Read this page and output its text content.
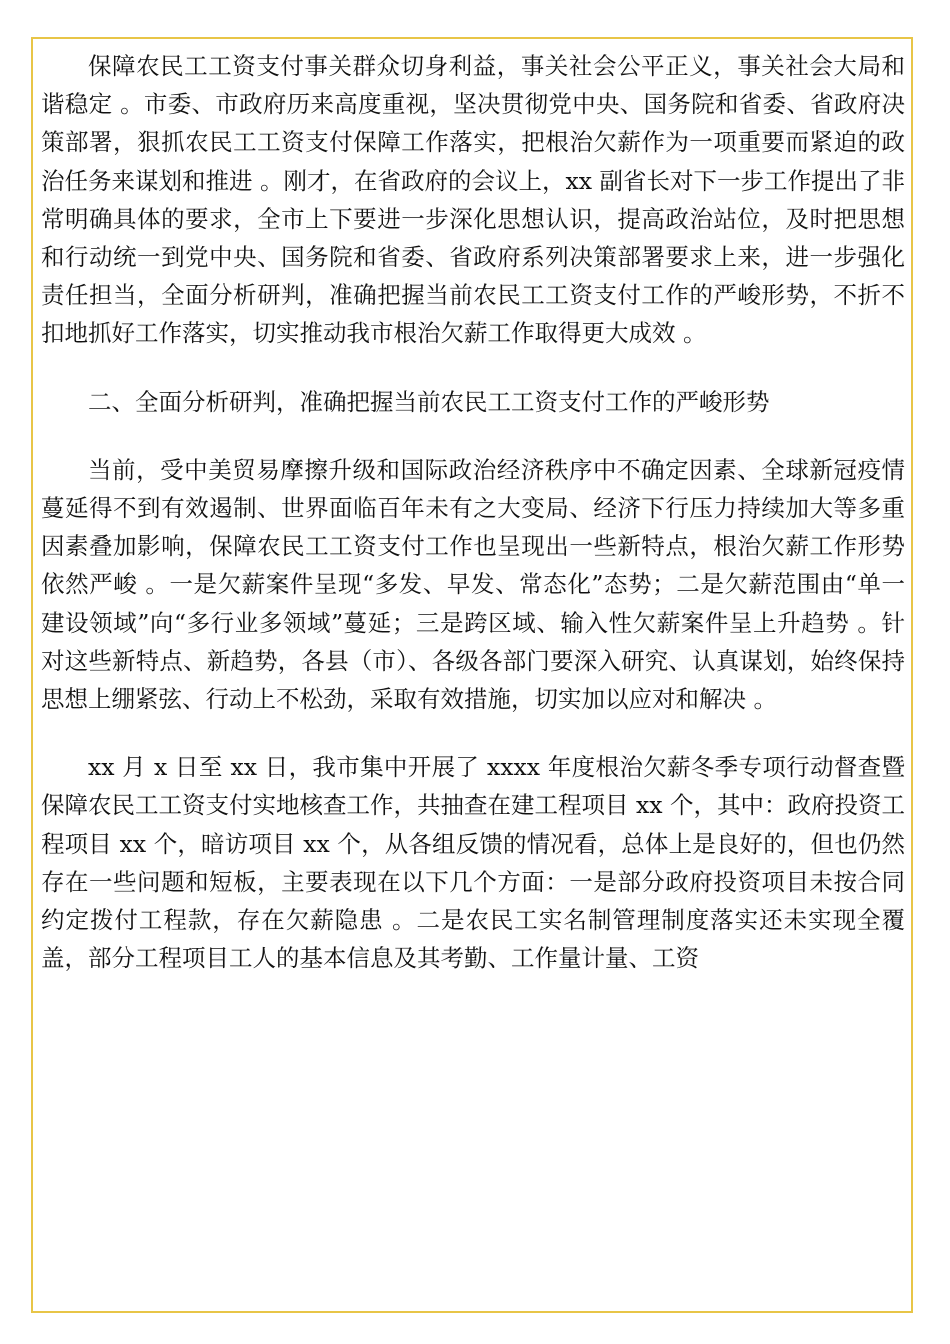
保障农民工工资支付事关群众切身利益，事关社会公平正义，事关社会大局和谐稳定 。市委、市政府历来高度重视，坚决贯彻党中央、国务院和省委、省政府决策部署，狠抓农民工工资支付保障工作落实，把根治欠薪作为一项重要而紧迫的政治任务来谋划和推进 。刚才，在省政府的会议上，xx 副省长对下一步工作提出了非常明确具体的要求，全市上下要进一步深化思想认识，提高政治站位，及时把思想和行动统一到党中央、国务院和省委、省政府系列决策部署要求上来，进一步强化责任担当，全面分析研判，准确把握当前农民工工资支付工作的严峻形势，不折不扣地抓好工作落实，切实推动我市根治欠薪工作取得更大成效 。

二、全面分析研判，准确把握当前农民工工资支付工作的严峻形势

当前，受中美贸易摩擦升级和国际政治经济秩序中不确定因素、全球新冠疫情蔓延得不到有效遏制、世界面临百年未有之大变局、经济下行压力持续加大等多重因素叠加影响，保障农民工工资支付工作也呈现出一些新特点，根治欠薪工作形势依然严峻 。一是欠薪案件呈现“多发、早发、常态化”态势；二是欠薪范围由“单一建设领域”向“多行业多领域”蔓延；三是跨区域、输入性欠薪案件呈上升趋势 。针对这些新特点、新趋势，各县（市）、各级各部门要深入研究、认真谋划，始终保持思想上绷紧弦、行动上不松劲，采取有效措施，切实加以应对和解决 。

xx 月 x 日至 xx 日，我市集中开展了 xxxx 年度根治欠薪冬季专项行动督查暨保障农民工工资支付实地核查工作，共抽查在建工程项目 xx 个，其中：政府投资工程项目 xx 个，暗访项目 xx 个，从各组反馈的情况看，总体上是良好的，但也仍然存在一些问题和短板，主要表现在以下几个方面：一是部分政府投资项目未按合同约定拨付工程款，存在欠薪隐患 。二是农民工实名制管理制度落实还未实现全覆盖，部分工程项目工人的基本信息及其考勤、工作量计量、工资
